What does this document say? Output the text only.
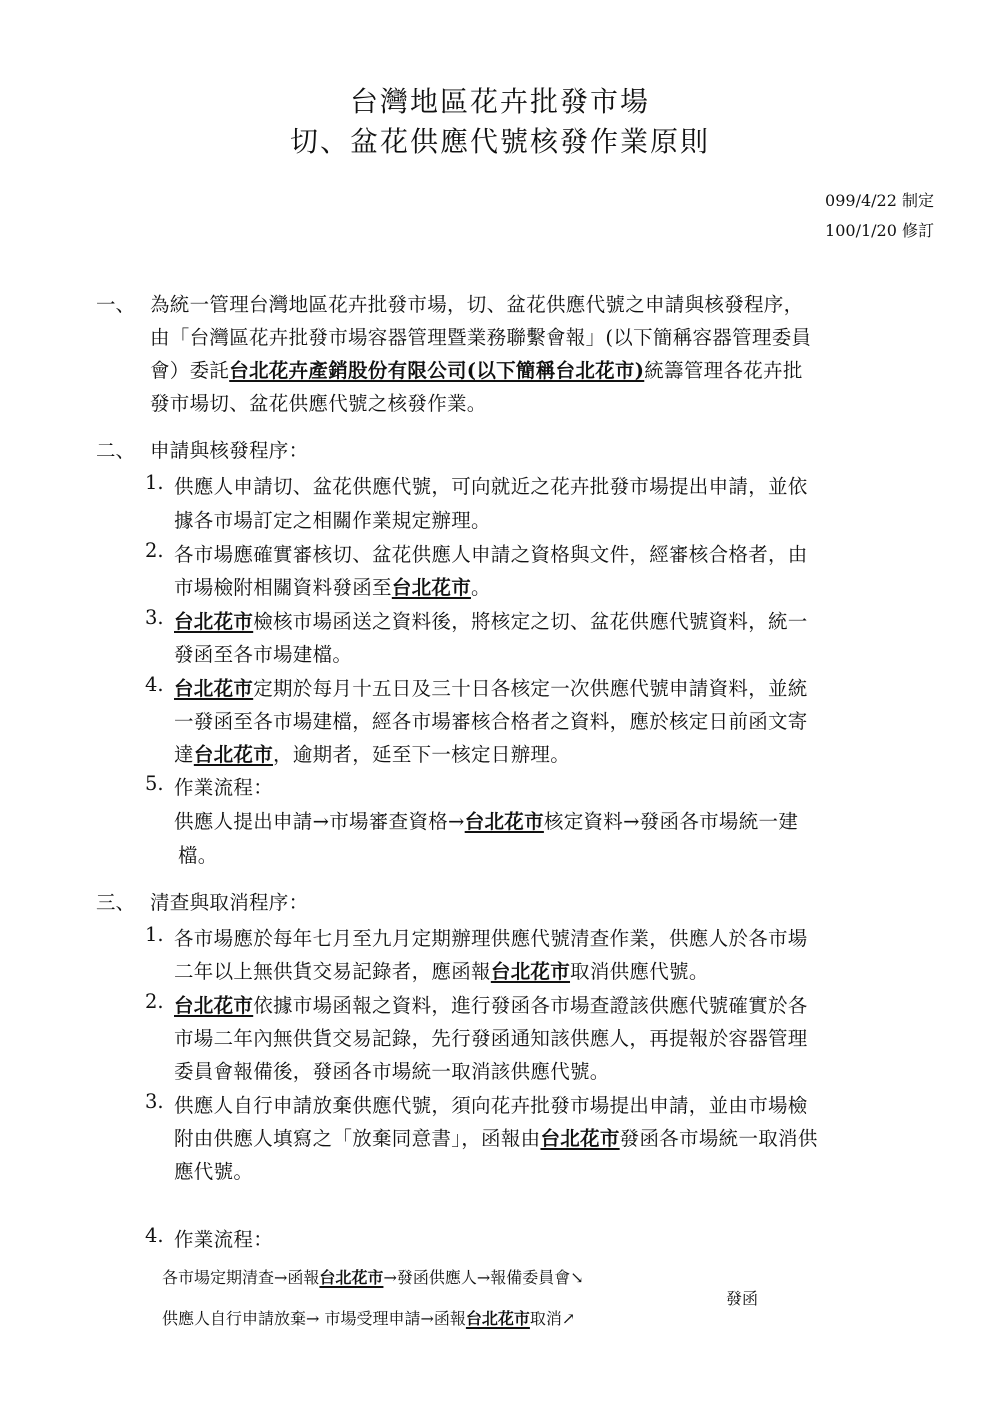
台灣地區花卉批發市場
切、盆花供應代號核發作業原則
099/4/22 制定
100/1/20 修訂
一、 為統一管理台灣地區花卉批發市場，切、盆花供應代號之申請與核發程序，
由「台灣區花卉批發市場容器管理暨業務聯繫會報」(以下簡稱容器管理委員
會）委託台北花卉產銷股份有限公司(以下簡稱台北花市)統籌管理各花卉批
發市場切、盆花供應代號之核發作業。
二、 申請與核發程序：
1. 供應人申請切、盆花供應代號，可向就近之花卉批發市場提出申請，並依
據各市場訂定之相關作業規定辦理。
2. 各市場應確實審核切、盆花供應人申請之資格與文件，經審核合格者，由
市場檢附相關資料發函至台北花市。
3. 台北花市檢核市場函送之資料後，將核定之切、盆花供應代號資料，統一
發函至各市場建檔。
4. 台北花市定期於每月十五日及三十日各核定一次供應代號申請資料，並統
一發函至各市場建檔，經各市場審核合格者之資料，應於核定日前函文寄
達台北花市，逾期者，延至下一核定日辦理。
5. 作業流程：
供應人提出申請→市場審查資格→台北花市核定資料→發函各市場統一建
檔。
三、 清查與取消程序：
1. 各市場應於每年七月至九月定期辦理供應代號清查作業，供應人於各市場
二年以上無供貨交易記錄者，應函報台北花市取消供應代號。
2. 台北花市依據市場函報之資料，進行發函各市場查證該供應代號確實於各
市場二年內無供貨交易記錄，先行發函通知該供應人，再提報於容器管理
委員會報備後，發函各市場統一取消該供應代號。
3. 供應人自行申請放棄供應代號，須向花卉批發市場提出申請，並由市場檢
附由供應人填寫之「放棄同意書」，函報由台北花市發函各市場統一取消供
應代號。
4. 作業流程：
各市場定期清查→函報台北花市→發函供應人→報備委員會↘
發函
供應人自行申請放棄→ 市場受理申請→函報台北花市取消↗
